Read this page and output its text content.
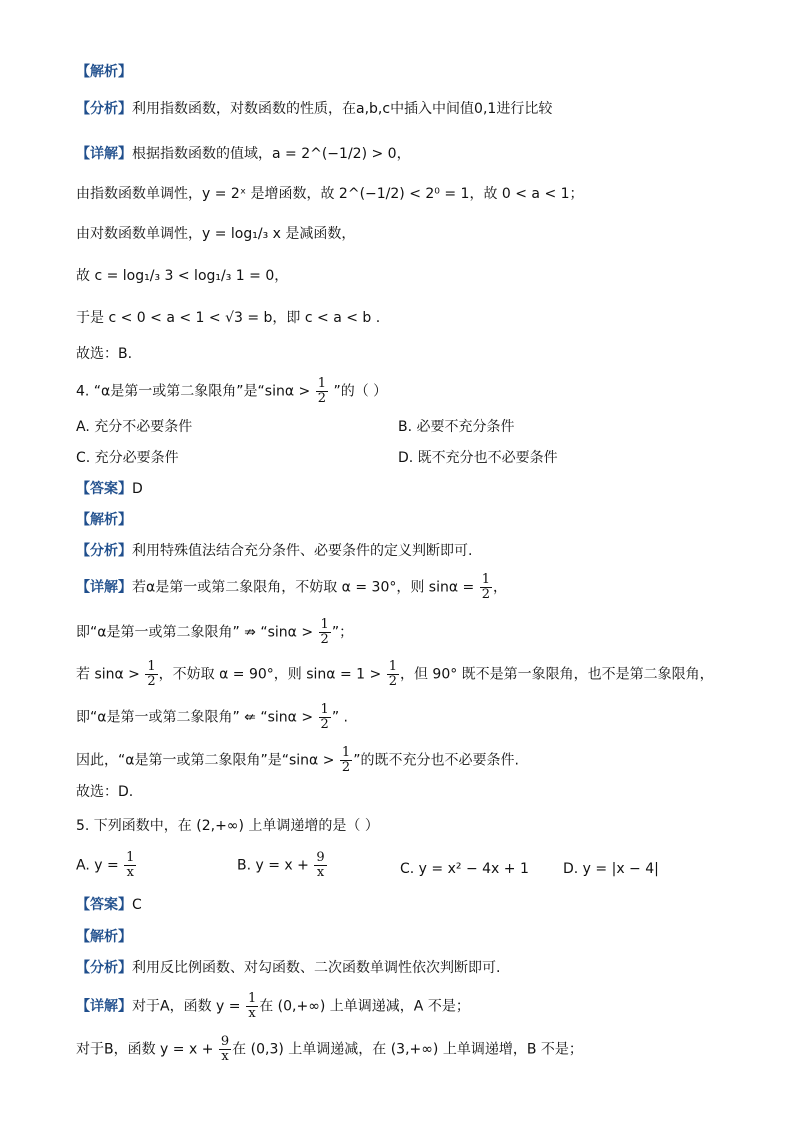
【解析】
【分析】利用指数函数，对数函数的性质，在a,b,c中插入中间值0,1进行比较
【详解】根据指数函数的值域，a = 2^(−1/2) > 0，
由指数函数单调性，y = 2ˣ 是增函数，故 2^(−1/2) < 2⁰ = 1，故 0 < a < 1；
由对数函数单调性，y = log₁/₃ x 是减函数，
故 c = log₁/₃ 3 < log₁/₃ 1 = 0，
于是 c < 0 < a < 1 < √3 = b，即 c < a < b .
故选：B.
4. “α是第一或第二象限角”是“$\sin\alpha > \frac{1}{2}$ ”的（ ）
A. 充分不必要条件	B. 必要不充分条件
C. 充分必要条件	D. 既不充分也不必要条件
【答案】D
【解析】
【分析】利用特殊值法结合充分条件、必要条件的定义判断即可.
【详解】若α是第一或第二象限角，不妨取 α = 30°，则 $\sin\alpha = \frac{1}{2}$ ，
即“α是第一或第二象限角” ⇏ “$\sin\alpha > \frac{1}{2}$ ”；
若 $\sin\alpha > \frac{1}{2}$ ，不妨取 α = 90°，则 $\sin\alpha = 1 > \frac{1}{2}$ ，但 90° 既不是第一象限角，也不是第二象限角，
即“α是第一或第二象限角” ⇍ “$\sin\alpha > \frac{1}{2}$ ” .
因此，“α是第一或第二象限角”是“$\sin\alpha > \frac{1}{2}$ ”的既不充分也不必要条件.
故选：D.
5. 下列函数中，在 (2,+∞) 上单调递增的是（ ）
A. $y = \frac{1}{x}$	B. $y = x + \frac{9}{x}$	C. y = x² − 4x + 1 D. y = |x − 4|
【答案】C
【解析】
【分析】利用反比例函数、对勾函数、二次函数单调性依次判断即可.
【详解】对于A，函数 $y = \frac{1}{x}$ 在 (0,+∞) 上单调递减，A 不是；
对于B，函数 $y = x + \frac{9}{x}$ 在 (0,3) 上单调递减，在 (3,+∞) 上单调递增，B 不是；
